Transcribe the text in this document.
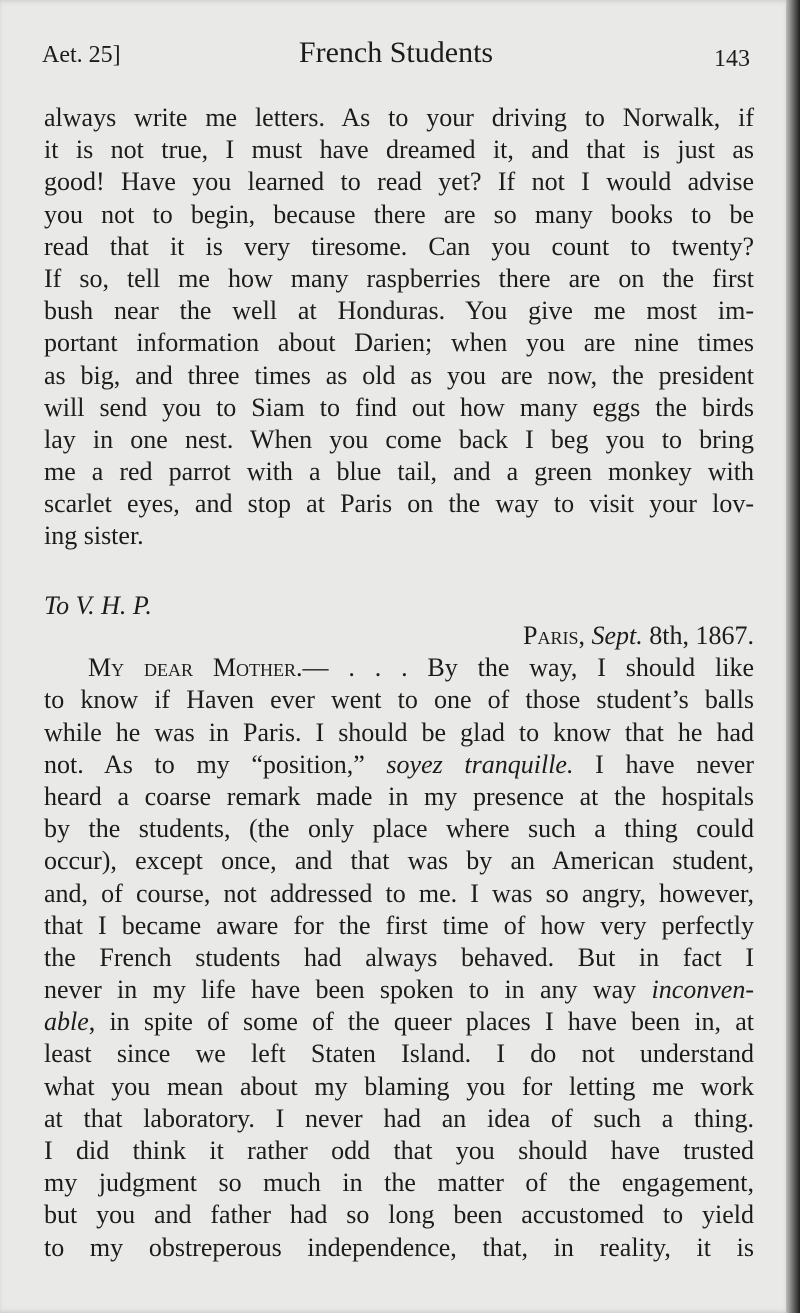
Aet. 25]	French Students	143
always write me letters. As to your driving to Norwalk, if
it is not true, I must have dreamed it, and that is just as
good! Have you learned to read yet? If not I would advise
you not to begin, because there are so many books to be
read that it is very tiresome. Can you count to twenty?
If so, tell me how many raspberries there are on the first
bush near the well at Honduras. You give me most im-
portant information about Darien; when you are nine times
as big, and three times as old as you are now, the president
will send you to Siam to find out how many eggs the birds
lay in one nest. When you come back I beg you to bring
me a red parrot with a blue tail, and a green monkey with
scarlet eyes, and stop at Paris on the way to visit your lov-
ing sister.
To V. H. P.
Paris, Sept. 8th, 1867.
My dear Mother.— . . . By the way, I should like
to know if Haven ever went to one of those student’s balls
while he was in Paris. I should be glad to know that he had
not. As to my “position,” soyez tranquille. I have never
heard a coarse remark made in my presence at the hospitals
by the students, (the only place where such a thing could
occur), except once, and that was by an American student,
and, of course, not addressed to me. I was so angry, however,
that I became aware for the first time of how very perfectly
the French students had always behaved. But in fact I
never in my life have been spoken to in any way inconven-
able, in spite of some of the queer places I have been in, at
least since we left Staten Island. I do not understand
what you mean about my blaming you for letting me work
at that laboratory. I never had an idea of such a thing.
I did think it rather odd that you should have trusted
my judgment so much in the matter of the engagement,
but you and father had so long been accustomed to yield
to my obstreperous independence, that, in reality, it is
